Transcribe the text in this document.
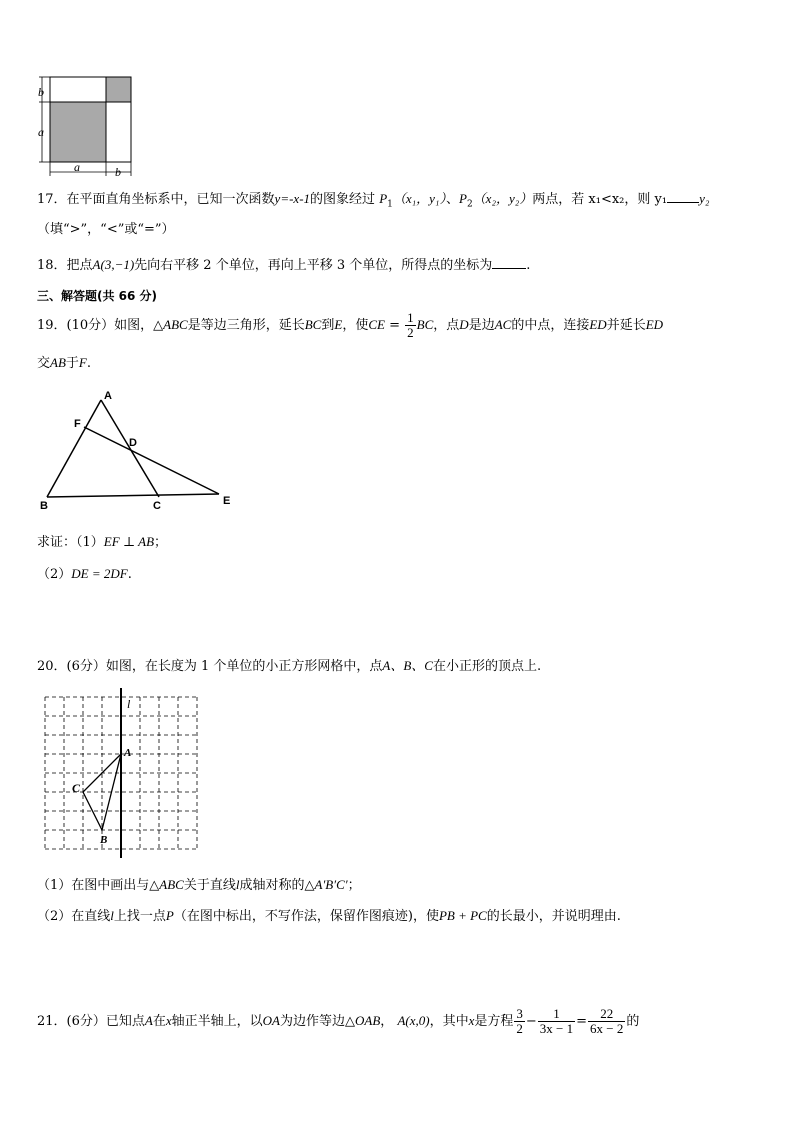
b
a
a	b
17．在平面直角坐标系中，已知一次函数y=-x-1的图象经过 $P_1(x_1$，y₁）、$P_2(x_2$，y₂）两点，若 x₁<x₂，则 y₁ y₂
（填“>”，“<”或“=”）
18．把点A(3,−1)先向右平移 2 个单位，再向上平移 3 个单位，所得点的坐标为	.
三、解答题(共 66 分)
19．(10分）如图，△ABC是等边三角形，延长BC到E，使CE = $\frac{1}{2}$ BC，点D是边AC的中点，连接ED并延长ED
交AB于F.
A
F
D
B	C	E
求证：（1）EF ⊥ AB；
（2）DE = 2DF.
20．(6分）如图，在长度为 1 个单位的小正方形网格中，点A、B、C在小正形的顶点上.
l
A
C
B
（1）在图中画出与△ABC关于直线l成轴对称的△A′B′C′；
（2）在直线l上找一点P（在图中标出，不写作法，保留作图痕迹)，使PB + PC的长最小，并说明理由.
21．(6分）已知点A在x轴正半轴上，以OA为边作等边△OAB， A(x,0)，其中x是方程 $\frac{3}{2} - \frac{1}{3x - 1} = \frac{22}{6x - 2}$ 的
